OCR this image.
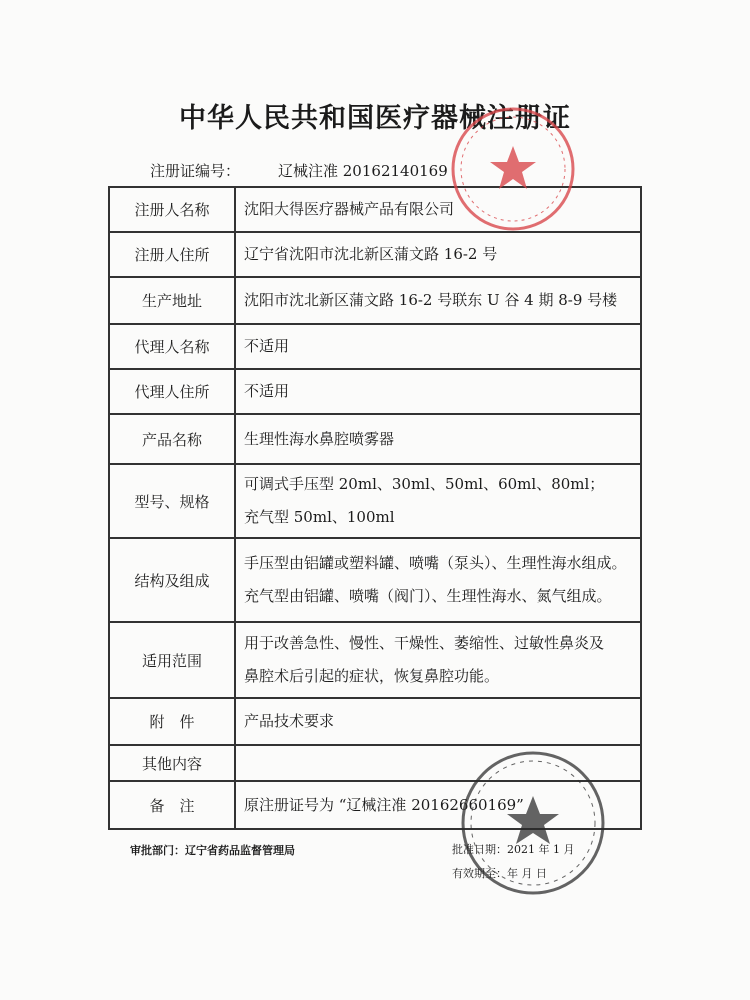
中华人民共和国医疗器械注册证
注册证编号：	辽械注准 20162140169
注册人名称	沈阳大得医疗器械产品有限公司

注册人住所	辽宁省沈阳市沈北新区蒲文路 16-2 号

生产地址	沈阳市沈北新区蒲文路 16-2 号联东 U 谷 4 期 8-9 号楼

代理人名称	不适用

代理人住所	不适用

产品名称	生理性海水鼻腔喷雾器

型号、规格	可调式手压型 20ml、30ml、50ml、60ml、80ml；
充气型 50ml、100ml

结构及组成	手压型由铝罐或塑料罐、喷嘴（泵头）、生理性海水组成。
充气型由铝罐、喷嘴（阀门）、生理性海水、氮气组成。

适用范围	用于改善急性、慢性、干燥性、萎缩性、过敏性鼻炎及
鼻腔术后引起的症状，恢复鼻腔功能。

附　件	产品技术要求

其他内容	

备　注	原注册证号为 “辽械注准 20162660169”
审批部门：辽宁省药品监督管理局	批准日期：2021 年 1 月
有效期至：年 月 日
